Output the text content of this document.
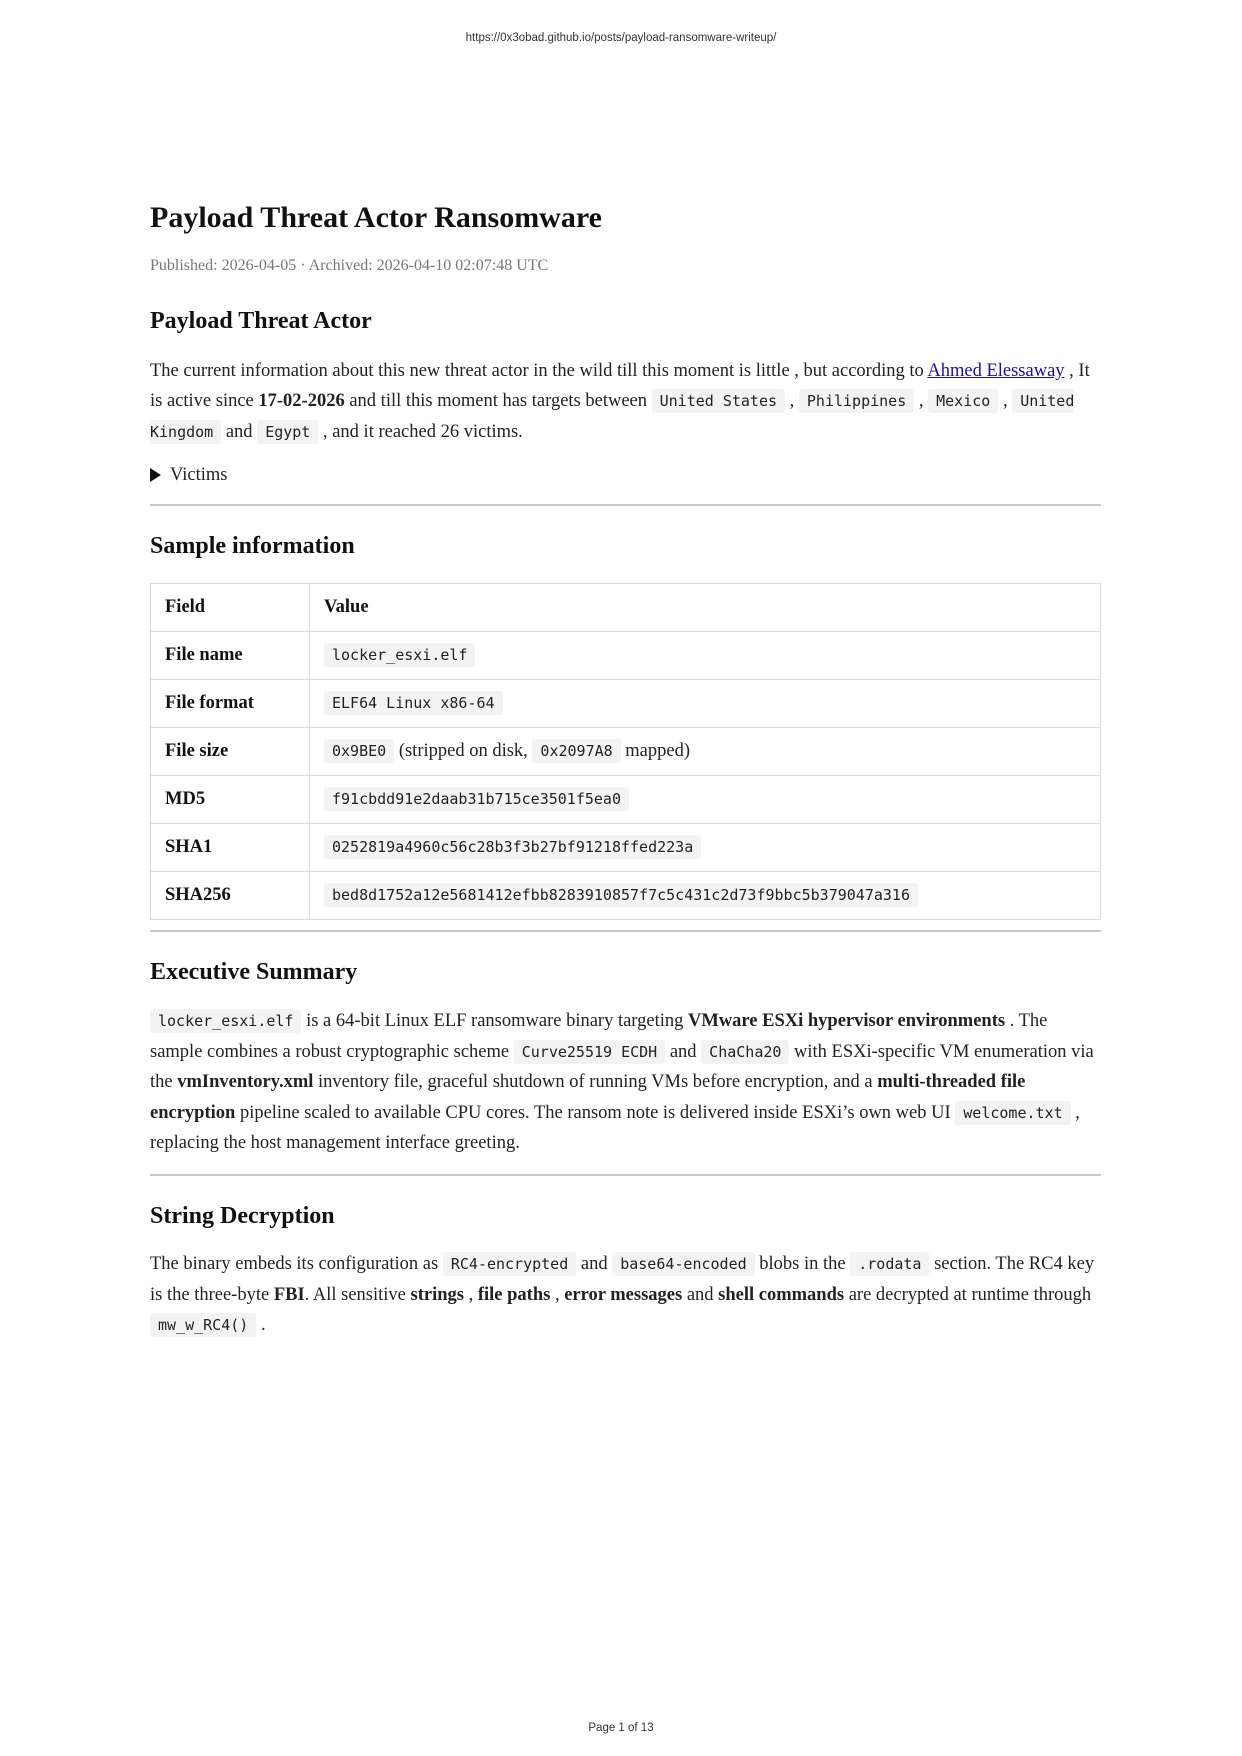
https://0x3obad.github.io/posts/payload-ransomware-writeup/
Payload Threat Actor Ransomware
Published: 2026-04-05 · Archived: 2026-04-10 02:07:48 UTC
Payload Threat Actor

The current information about this new threat actor in the wild till this moment is little , but according to Ahmed Elessaway , It is active since 17-02-2026 and till this moment has targets between United States , Philippines , Mexico , United Kingdom and Egypt , and it reached 26 victims.

Victims
Sample information
Field	Value
File name	locker_esxi.elf
File format	ELF64 Linux x86-64
File size	0x9BE0 (stripped on disk, 0x2097A8 mapped)
MD5	f91cbdd91e2daab31b715ce3501f5ea0
SHA1	0252819a4960c56c28b3f3b27bf91218ffed223a
SHA256	bed8d1752a12e5681412efbb8283910857f7c5c431c2d73f9bbc5b379047a316
Executive Summary

locker_esxi.elf is a 64-bit Linux ELF ransomware binary targeting VMware ESXi hypervisor environments . The sample combines a robust cryptographic scheme Curve25519 ECDH and ChaCha20 with ESXi-specific VM enumeration via the vmInventory.xml inventory file, graceful shutdown of running VMs before encryption, and a multi-threaded file encryption pipeline scaled to available CPU cores. The ransom note is delivered inside ESXi’s own web UI welcome.txt , replacing the host management interface greeting.

String Decryption

The binary embeds its configuration as RC4-encrypted and base64-encoded blobs in the .rodata section. The RC4 key is the three-byte FBI. All sensitive strings , file paths , error messages and shell commands are decrypted at runtime through mw_w_RC4() .

Page 1 of 13
